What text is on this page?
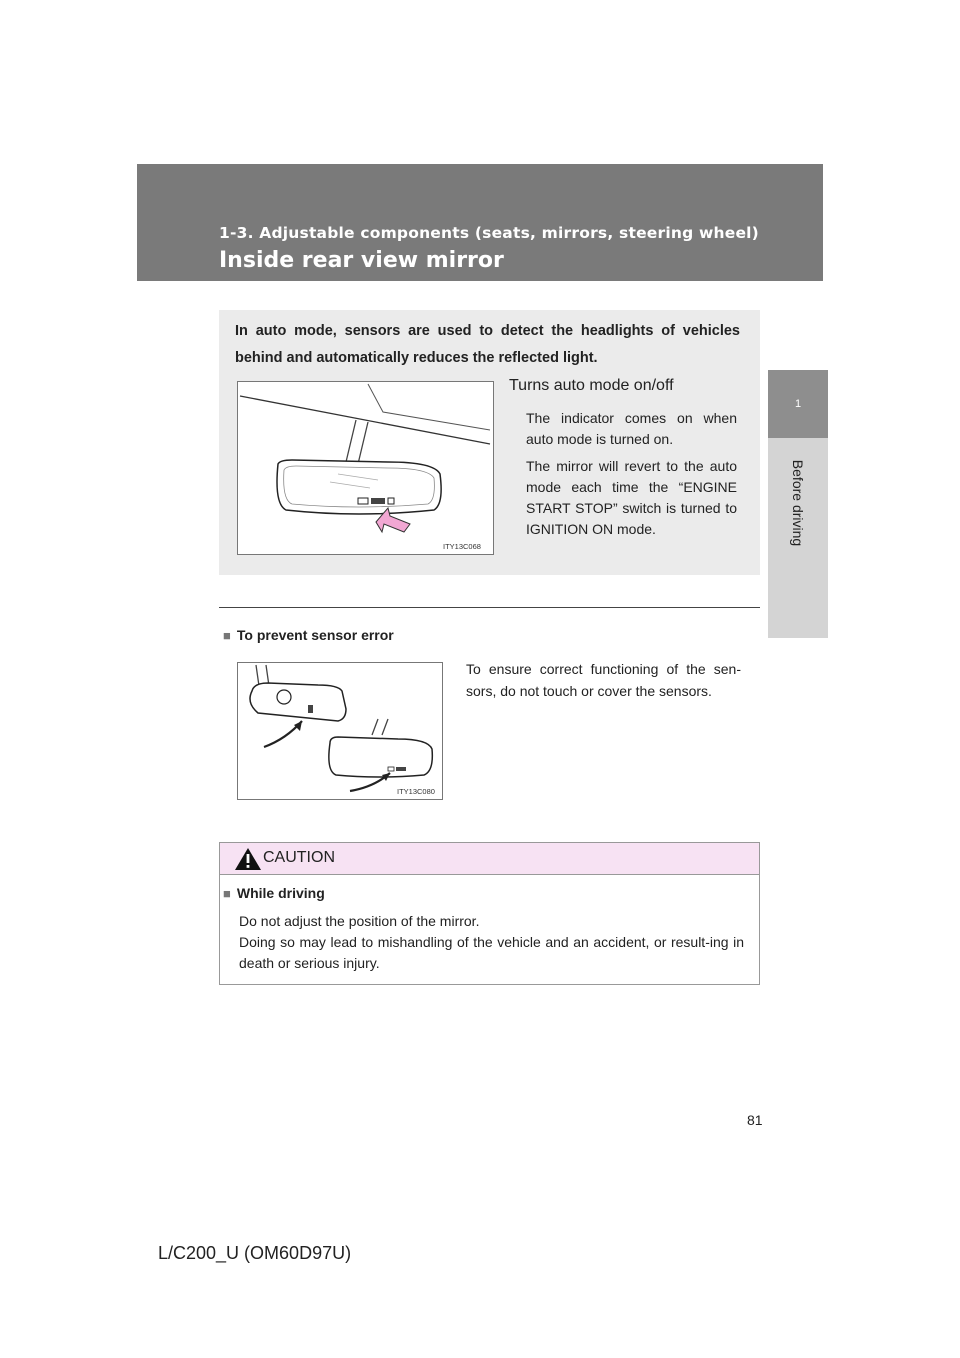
1-3. Adjustable components (seats, mirrors, steering wheel)
Inside rear view mirror
1
Before driving
In auto mode, sensors are used to detect the headlights of vehicles behind and automatically reduces the reflected light.
ITY13C068
Turns auto mode on/off

The indicator comes on when auto mode is turned on.

The mirror will revert to the auto mode each time the “ENGINE START STOP” switch is turned to IGNITION ON mode.

■ To prevent sensor error
ITY13C080

To ensure correct functioning of the sen-sors, do not touch or cover the sensors.

CAUTION
■ While driving
Do not adjust the position of the mirror.
Doing so may lead to mishandling of the vehicle and an accident, or result-ing in death or serious injury.
81
L/C200_U (OM60D97U)
